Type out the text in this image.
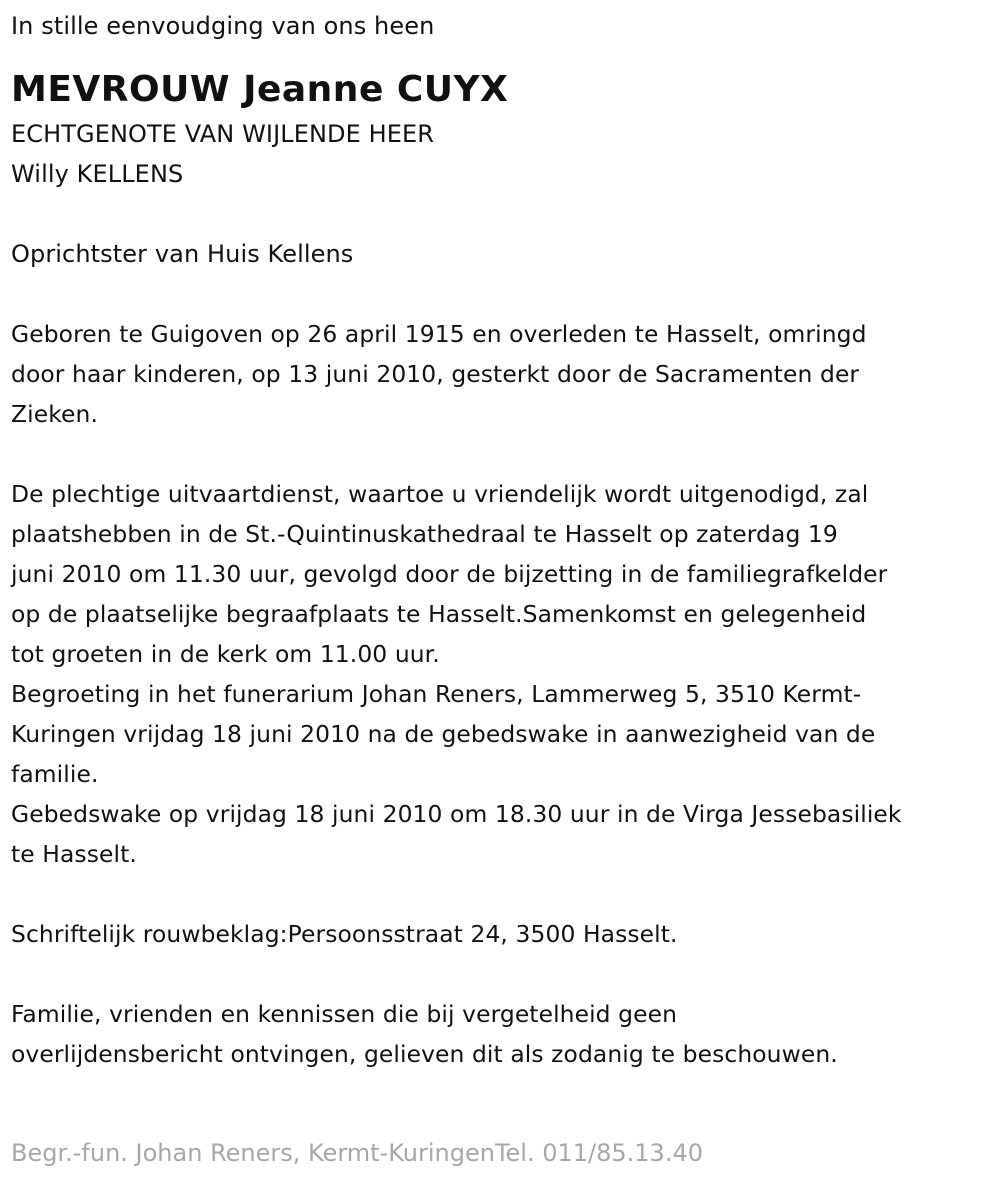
In stille eenvoudging van ons heen
MEVROUW Jeanne CUYX
ECHTGENOTE VAN WIJLENDE HEER
Willy KELLENS
Oprichtster van Huis Kellens
Geboren te Guigoven op 26 april 1915 en overleden te Hasselt, omringd
door haar kinderen, op 13 juni 2010, gesterkt door de Sacramenten der
Zieken.
De plechtige uitvaartdienst, waartoe u vriendelijk wordt uitgenodigd, zal
plaatshebben in de St.-Quintinuskathedraal te Hasselt op zaterdag 19
juni 2010 om 11.30 uur, gevolgd door de bijzetting in de familiegrafkelder
op de plaatselijke begraafplaats te Hasselt.Samenkomst en gelegenheid
tot groeten in de kerk om 11.00 uur.
Begroeting in het funerarium Johan Reners, Lammerweg 5, 3510 Kermt-
Kuringen vrijdag 18 juni 2010 na de gebedswake in aanwezigheid van de
familie.
Gebedswake op vrijdag 18 juni 2010 om 18.30 uur in de Virga Jessebasiliek
te Hasselt.
Schriftelijk rouwbeklag:Persoonsstraat 24, 3500 Hasselt.
Familie, vrienden en kennissen die bij vergetelheid geen
overlijdensbericht ontvingen, gelieven dit als zodanig te beschouwen.
Begr.-fun. Johan Reners, Kermt-KuringenTel. 011/85.13.40
